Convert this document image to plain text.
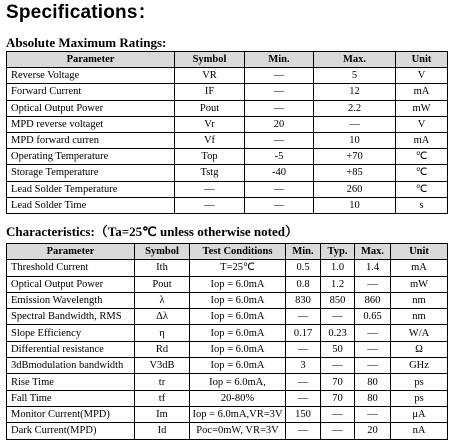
Specifications：
Absolute Maximum Ratings:
Parameter	Symbol	Min.	Max.	Unit
Reverse Voltage	VR	—	5	V
Forward Current	IF	—	12	mA
Optical Output Power	Pout	—	2.2	mW
MPD reverse voltaget	Vr	20	—	V
MPD forward curren	Vf	—	10	mA
Operating Temperature	Top	-5	+70	℃
Storage Temperature	Tstg	-40	+85	℃
Lead Solder Temperature	—	—	260	℃
Lead Solder Time	—	—	10	s
Characteristics:（Ta=25℃ unless otherwise noted）
Parameter	Symbol	Test Conditions	Min.	Typ.	Max.	Unit
Threshold Current	Ith	T=25℃	0.5	1.0	1.4	mA
Optical Output Power	Pout	Iop = 6.0mA	0.8	1.2	—	mW
Emission Wavelength	λ	Iop = 6.0mA	830	850	860	nm
Spectral Bandwidth, RMS	Δλ	Iop = 6.0mA	—	—	0.65	nm
Slope Efficiency	η	Iop = 6.0mA	0.17	0.23	—	W/A
Differential resistance	Rd	Iop = 6.0mA	—	50	—	Ω
3dBmodulation bandwidth	V3dB	Iop = 6.0mA	3	—	—	GHz
Rise Time	tr	Iop = 6.0mA,	—	70	80	ps
Fall Time	tf	20-80%	—	70	80	ps
Monitor Current(MPD)	Im	Iop = 6.0mA,VR=3V	150	—	—	μA
Dark Current(MPD)	Id	Poc=0mW, VR=3V	—	—	20	nA
